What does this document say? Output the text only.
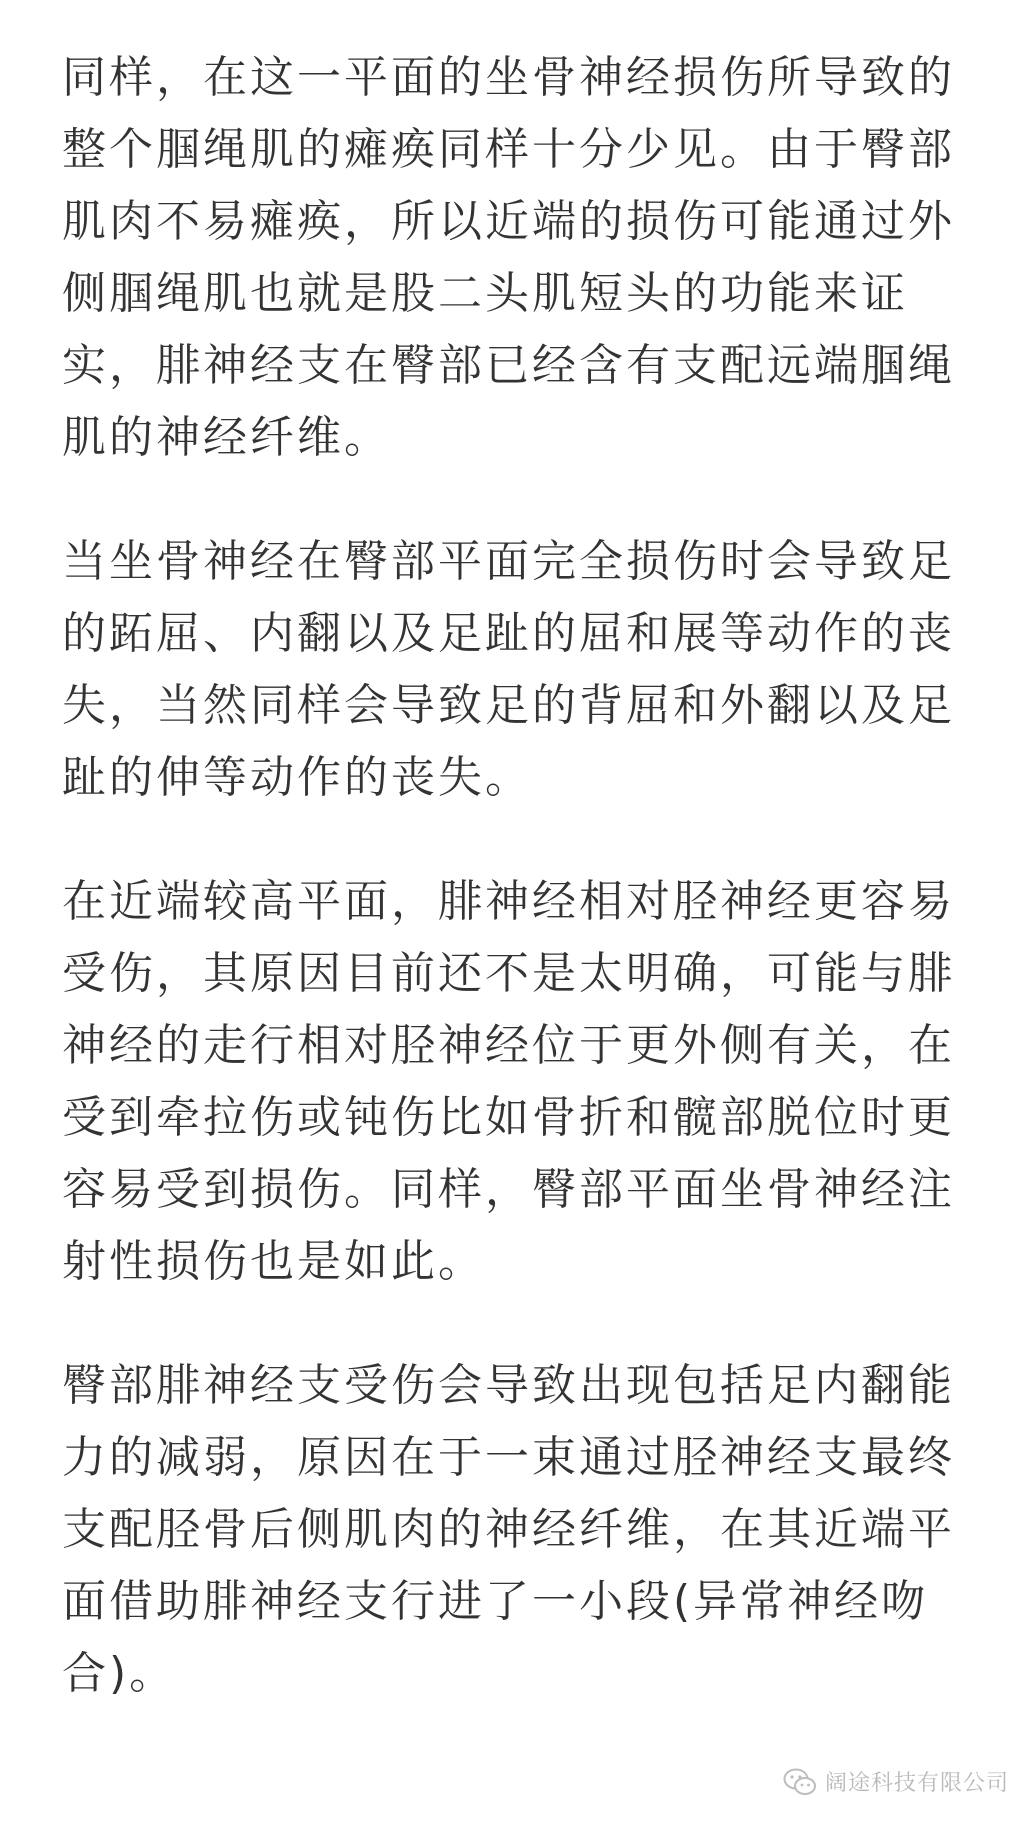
同样，在这一平面的坐骨神经损伤所导致的
整个腘绳肌的瘫痪同样十分少见。由于臀部
肌肉不易瘫痪，所以近端的损伤可能通过外
侧腘绳肌也就是股二头肌短头的功能来证
实，腓神经支在臀部已经含有支配远端腘绳
肌的神经纤维。

当坐骨神经在臀部平面完全损伤时会导致足
的跖屈、内翻以及足趾的屈和展等动作的丧
失，当然同样会导致足的背屈和外翻以及足
趾的伸等动作的丧失。

在近端较高平面，腓神经相对胫神经更容易
受伤，其原因目前还不是太明确，可能与腓
神经的走行相对胫神经位于更外侧有关，在
受到牵拉伤或钝伤比如骨折和髋部脱位时更
容易受到损伤。同样，臀部平面坐骨神经注
射性损伤也是如此。

臀部腓神经支受伤会导致出现包括足内翻能
力的减弱，原因在于一束通过胫神经支最终
支配胫骨后侧肌肉的神经纤维，在其近端平
面借助腓神经支行进了一小段(异常神经吻
合)。

阔途科技有限公司
